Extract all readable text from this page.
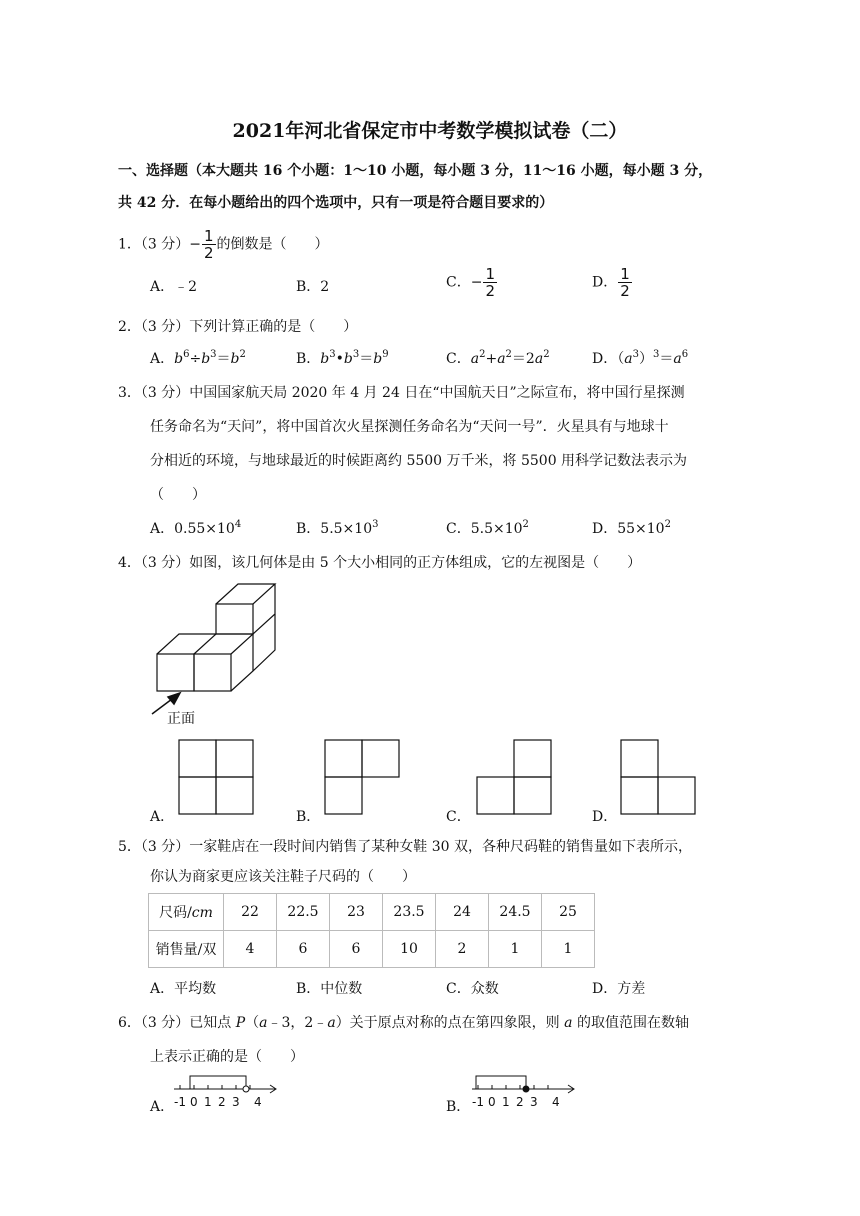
2021年河北省保定市中考数学模拟试卷（二）
一、选择题（本大题共 16 个小题：1～10 小题，每小题 3 分，11～16 小题，每小题 3 分，
共 42 分．在每小题给出的四个选项中，只有一项是符合题目要求的）
1．（3 分）− $\frac{1}{2}$ 的倒数是（　　）
A．﹣2	B．2	C．− $\frac{1}{2}$	D． $\frac{1}{2}$
2．（3 分）下列计算正确的是（　　）
A．$b^6\div b^3=b^2$	B．$b^3•b^3=b^9$	C．$a^2+a^2=2a^2$	D．$(a^3)^3=a^6$
3．（3 分）中国国家航天局 2020 年 4 月 24 日在“中国航天日”之际宣布，将中国行星探测
任务命名为“天问”，将中国首次火星探测任务命名为“天问一号”．火星具有与地球十
分相近的环境，与地球最近的时候距离约 5500 万千米，将 5500 用科学记数法表示为
（　　）
A．$0.55\times 10^4$	B．$5.5\times 10^3$	C．$5.5\times 10^2$	D．$55\times 10^2$
4．（3 分）如图，该几何体是由 5 个大小相同的正方体组成，它的左视图是（　　）
正面
A．	B．	C．	D．
5．（3 分）一家鞋店在一段时间内销售了某种女鞋 30 双，各种尺码鞋的销售量如下表所示，
你认为商家更应该关注鞋子尺码的（　　）
尺码/cm	22	22.5	23	23.5	24	24.5	25
销售量/双	4	6	6	10	2	1	1
A．平均数	B．中位数	C．众数	D．方差
6．（3 分）已知点 P（a﹣3，2﹣a）关于原点对称的点在第四象限，则 a 的取值范围在数轴
上表示正确的是（　　）
A． -1 0 1 2 3 4	B． -1 0 1 2 3 4
